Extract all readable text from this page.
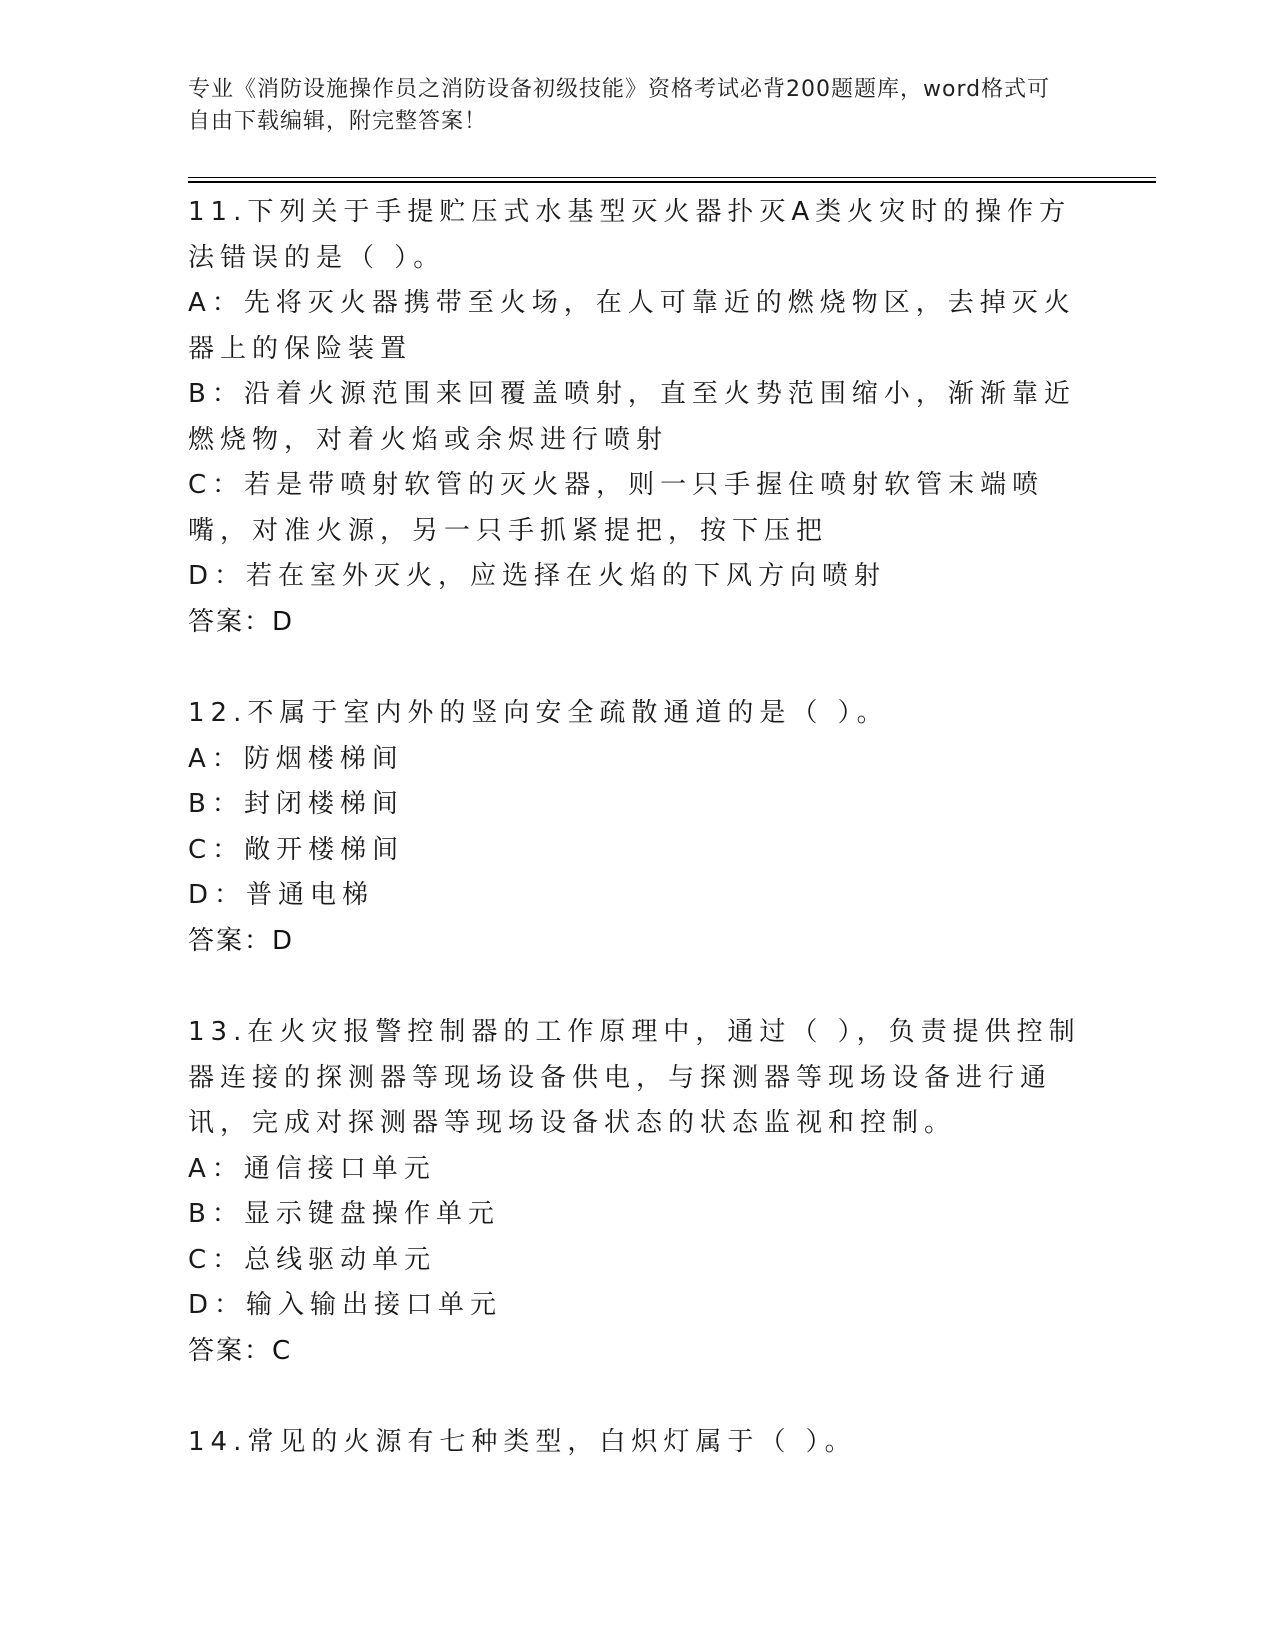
专业《消防设施操作员之消防设备初级技能》资格考试必背200题题库，word格式可自由下载编辑，附完整答案！

11.下列关于手提贮压式水基型灭火器扑灭A类火灾时的操作方法错误的是（ ）。

A：先将灭火器携带至火场，在人可靠近的燃烧物区，去掉灭火器上的保险装置

B：沿着火源范围来回覆盖喷射，直至火势范围缩小，渐渐靠近燃烧物，对着火焰或余烬进行喷射

C：若是带喷射软管的灭火器，则一只手握住喷射软管末端喷嘴，对准火源，另一只手抓紧提把，按下压把

D：若在室外灭火，应选择在火焰的下风方向喷射

答案：D

12.不属于室内外的竖向安全疏散通道的是（ ）。

A：防烟楼梯间

B：封闭楼梯间

C：敞开楼梯间

D：普通电梯

答案：D

13.在火灾报警控制器的工作原理中，通过（ ），负责提供控制器连接的探测器等现场设备供电，与探测器等现场设备进行通讯，完成对探测器等现场设备状态的状态监视和控制。

A：通信接口单元

B：显示键盘操作单元

C：总线驱动单元

D：输入输出接口单元

答案：C

14.常见的火源有七种类型，白炽灯属于（ ）。
